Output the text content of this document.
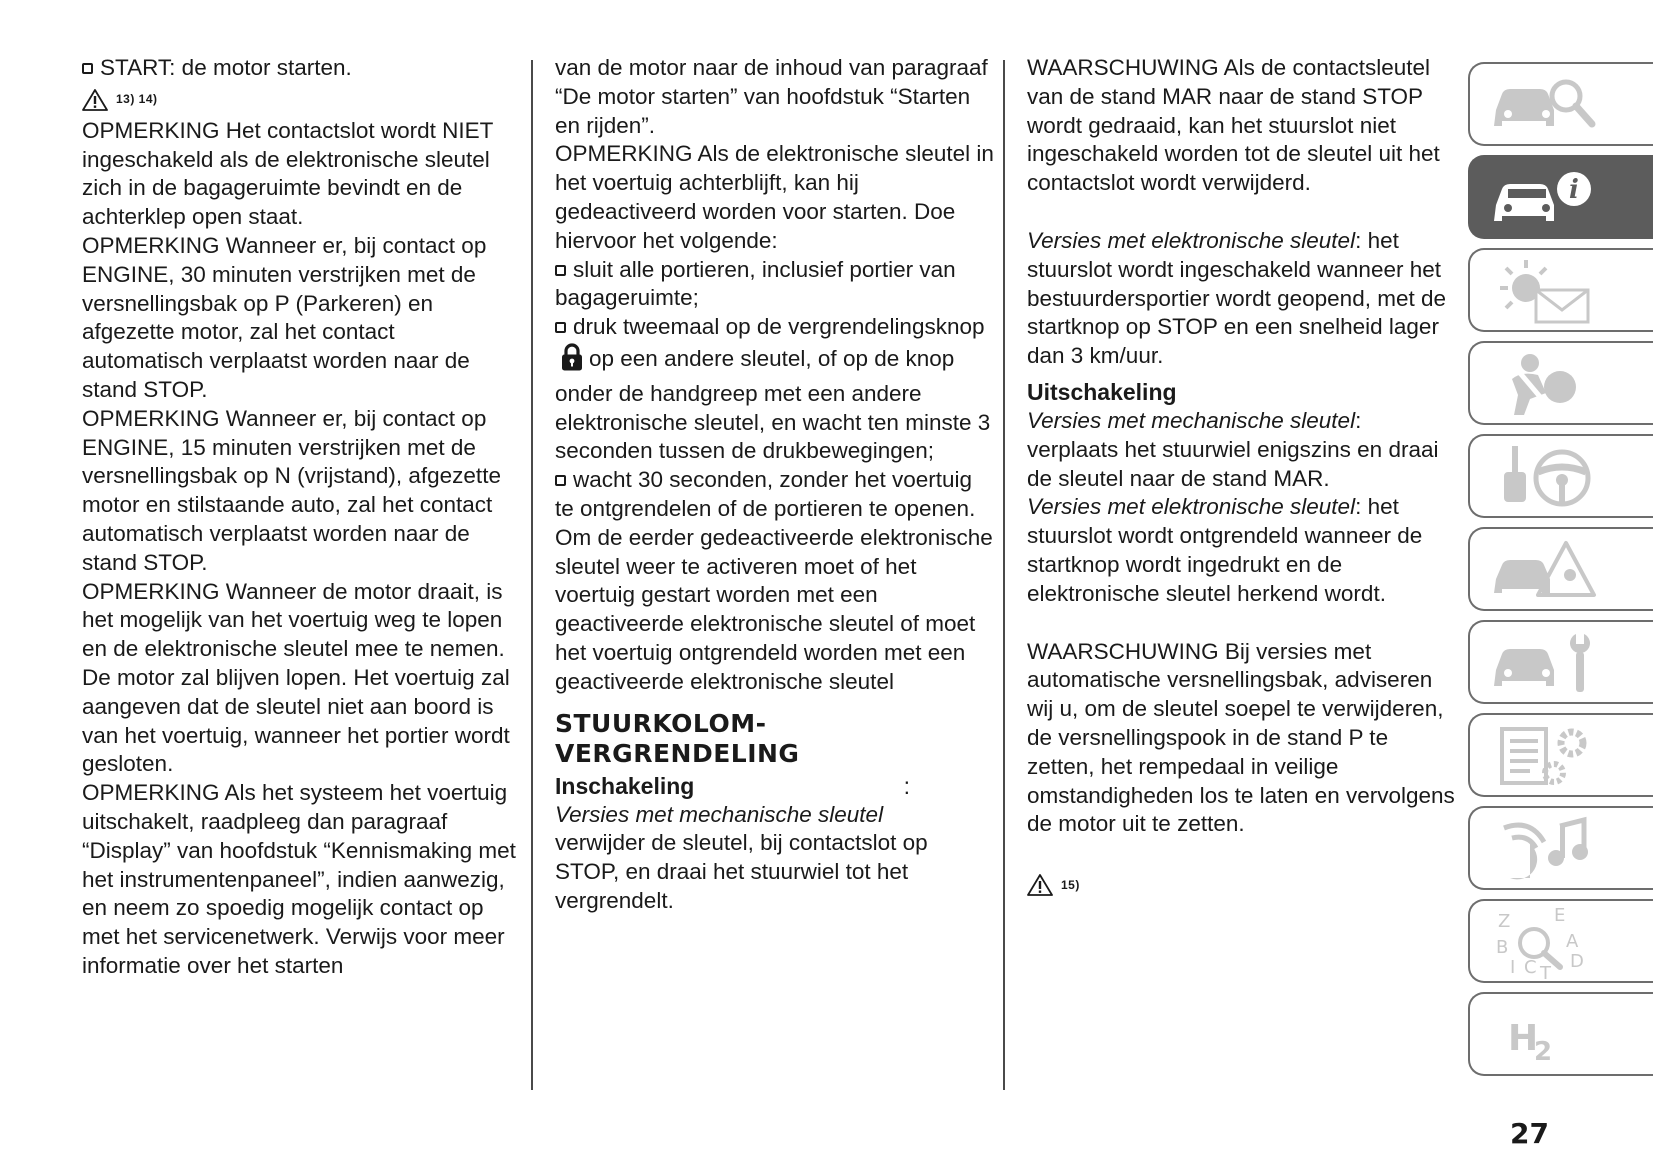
START: de motor starten.

13) 14)

OPMERKING Het contactslot wordt NIET ingeschakeld als de elektronische sleutel zich in de bagageruimte bevindt en de achterklep open staat.

OPMERKING Wanneer er, bij contact op ENGINE, 30 minuten verstrijken met de versnellingsbak op P (Parkeren) en afgezette motor, zal het contact automatisch verplaatst worden naar de stand STOP.

OPMERKING Wanneer er, bij contact op ENGINE, 15 minuten verstrijken met de versnellingsbak op N (vrijstand), afgezette motor en stilstaande auto, zal het contact automatisch verplaatst worden naar de stand STOP.

OPMERKING Wanneer de motor draait, is het mogelijk van het voertuig weg te lopen en de elektronische sleutel mee te nemen. De motor zal blijven lopen. Het voertuig zal aangeven dat de sleutel niet aan boord is van het voertuig, wanneer het portier wordt gesloten.

OPMERKING Als het systeem het voertuig uitschakelt, raadpleeg dan paragraaf “Display” van hoofdstuk “Kennismaking met het instrumentenpaneel”, indien aanwezig, en neem zo spoedig mogelijk contact op met het servicenetwerk. Verwijs voor meer informatie over het starten

van de motor naar de inhoud van paragraaf “De motor starten” van hoofdstuk “Starten en rijden”.

OPMERKING Als de elektronische sleutel in het voertuig achterblijft, kan hij gedeactiveerd worden voor starten. Doe hiervoor het volgende:

sluit alle portieren, inclusief portier van bagageruimte;

druk tweemaal op de vergrendelingsknopop een andere sleutel, of op de knop onder de handgreep met een andere elektronische sleutel, en wacht ten minste 3 seconden tussen de drukbewegingen;

wacht 30 seconden, zonder het voertuig te ontgrendelen of de portieren te openen.

Om de eerder gedeactiveerde elektronische sleutel weer te activeren moet of het voertuig gestart worden met een geactiveerde elektronische sleutel of moet het voertuig ontgrendeld worden met een geactiveerde elektronische sleutel

STUURKOLOM-
VERGRENDELING
Inschakeling	:

Versies met mechanische sleutel

verwijder de sleutel, bij contactslot op STOP, en draai het stuurwiel tot het vergrendelt.

WAARSCHUWING Als de contactsleutel van de stand MAR naar de stand STOP wordt gedraaid, kan het stuurslot niet ingeschakeld worden tot de sleutel uit het contactslot wordt verwijderd.

Versies met elektronische sleutel: het stuurslot wordt ingeschakeld wanneer het bestuurdersportier wordt geopend, met de startknop op STOP en een snelheid lager dan 3 km/uur.

Uitschakeling

Versies met mechanische sleutel: verplaats het stuurwiel enigszins en draai de sleutel naar de stand MAR.

Versies met elektronische sleutel: het stuurslot wordt ontgrendeld wanneer de startknop wordt ingedrukt en de elektronische sleutel herkend wordt.

WAARSCHUWING Bij versies met automatische versnellingsbak, adviseren wij u, om de sleutel soepel te verwijderen, de versnellingspook in de stand P te zetten, het rempedaal in veilige omstandigheden los te laten en vervolgens de motor uit te zetten.

15)
i
Z E
B	A
I C T
D
H
2
27
